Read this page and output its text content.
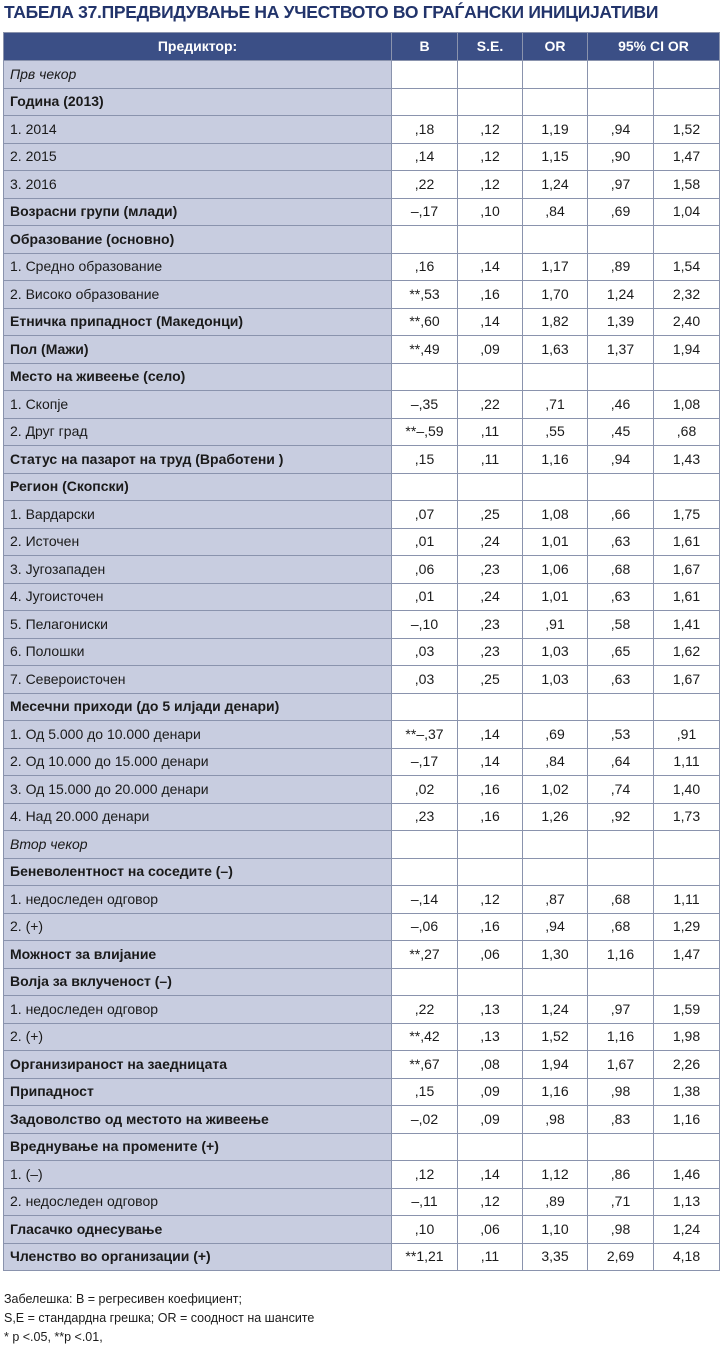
ТАБЕЛА 37.ПРЕДВИДУВАЊЕ НА УЧЕСТВОТО ВО ГРАЃАНСКИ ИНИЦИЈАТИВИ
Предиктор:	B	S.E.	OR	95% CI OR	
Прв чекор					
Година (2013)					
1. 2014	,18	,12	1,19	,94	1,52
2. 2015	,14	,12	1,15	,90	1,47
3. 2016	,22	,12	1,24	,97	1,58
Возрасни групи (млади)	–,17	,10	,84	,69	1,04
Образование (основно)					
1. Средно образование	,16	,14	1,17	,89	1,54
2. Високо образование	**,53	,16	1,70	1,24	2,32
Етничка припадност (Македонци)	**,60	,14	1,82	1,39	2,40
Пол (Мажи)	**,49	,09	1,63	1,37	1,94
Место на живеење (село)					
1. Скопје	–,35	,22	,71	,46	1,08
2. Друг град	**–,59	,11	,55	,45	,68
Статус на пазарот на труд (Вработени )	,15	,11	1,16	,94	1,43
Регион (Скопски)					
1. Вардарски	,07	,25	1,08	,66	1,75
2. Источен	,01	,24	1,01	,63	1,61
3. Југозападен	,06	,23	1,06	,68	1,67
4. Југоисточен	,01	,24	1,01	,63	1,61
5. Пелагониски	–,10	,23	,91	,58	1,41
6. Полошки	,03	,23	1,03	,65	1,62
7. Североисточен	,03	,25	1,03	,63	1,67
Месечни приходи (до 5 илјади денари)					
1. Од 5.000 до 10.000 денари	**–,37	,14	,69	,53	,91
2. Од 10.000 до 15.000 денари	–,17	,14	,84	,64	1,11
3. Од 15.000 до 20.000 денари	,02	,16	1,02	,74	1,40
4. Над 20.000 денари	,23	,16	1,26	,92	1,73
Втор чекор					
Беневолентност на соседите (–)					
1. недоследен одговор	–,14	,12	,87	,68	1,11
2. (+)	–,06	,16	,94	,68	1,29
Можност за влијание	**,27	,06	1,30	1,16	1,47
Волја за вклученост (–)					
1. недоследен одговор	,22	,13	1,24	,97	1,59
2. (+)	**,42	,13	1,52	1,16	1,98
Организираност на заедницата	**,67	,08	1,94	1,67	2,26
Припадност	,15	,09	1,16	,98	1,38
Задоволство од местото на живеење	–,02	,09	,98	,83	1,16
Вреднување на промените (+)					
1. (–)	,12	,14	1,12	,86	1,46
2. недоследен одговор	–,11	,12	,89	,71	1,13
Гласачко однесување	,10	,06	1,10	,98	1,24
Членство во организации (+)	**1,21	,11	3,35	2,69	4,18
Забелешка: B = регресивен коефициент;
S,E = стандардна грешка; OR = соодност на шансите
* p <.05, **p <.01,
